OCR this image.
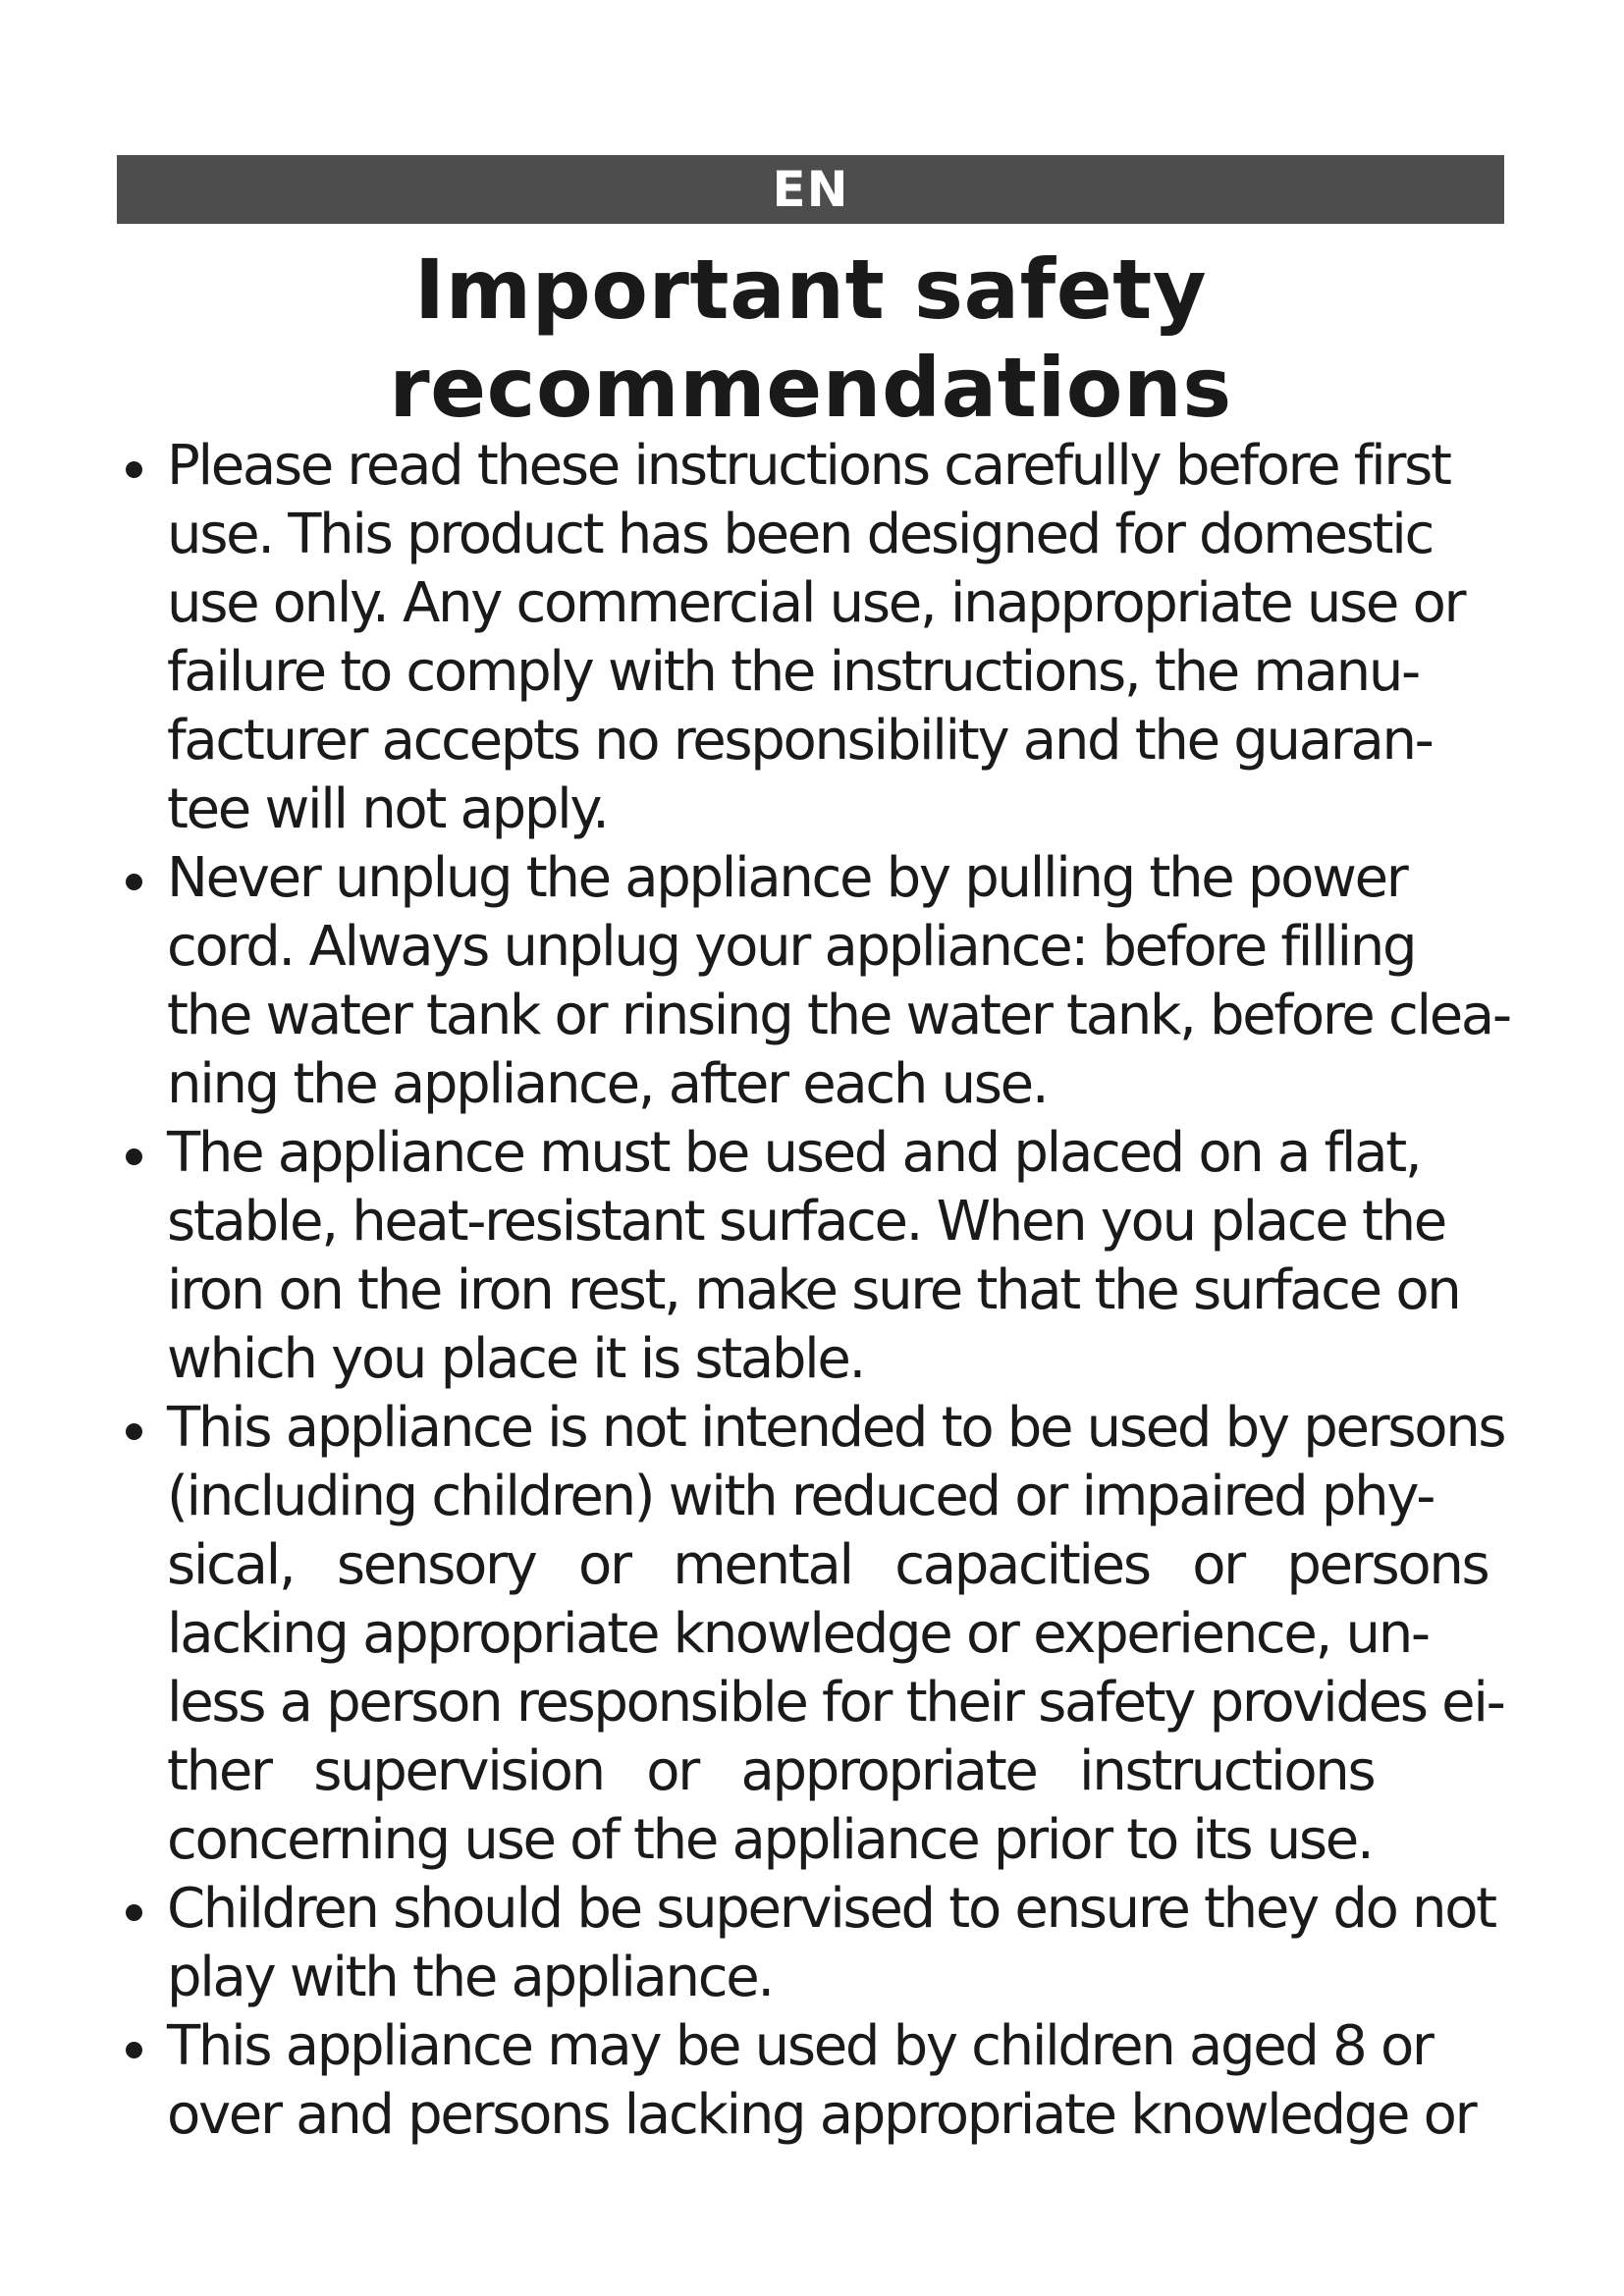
EN
Important safety
recommendations
Please read these instructions carefully before first
use. This product has been designed for domestic
use only. Any commercial use, inappropriate use or
failure to comply with the instructions, the manu-
facturer accepts no responsibility and the guaran-
tee will not apply.
Never unplug the appliance by pulling the power
cord. Always unplug your appliance: before filling
the water tank or rinsing the water tank, before clea-
ning the appliance, after each use.
The appliance must be used and placed on a flat,
stable, heat-resistant surface. When you place the
iron on the iron rest, make sure that the surface on
which you place it is stable.
This appliance is not intended to be used by persons
(including children) with reduced or impaired phy-
sical, sensory or mental capacities or persons
lacking appropriate knowledge or experience, un-
less a person responsible for their safety provides ei-
ther supervision or appropriate instructions
concerning use of the appliance prior to its use.
Children should be supervised to ensure they do not
play with the appliance.
This appliance may be used by children aged 8 or
over and persons lacking appropriate knowledge or
